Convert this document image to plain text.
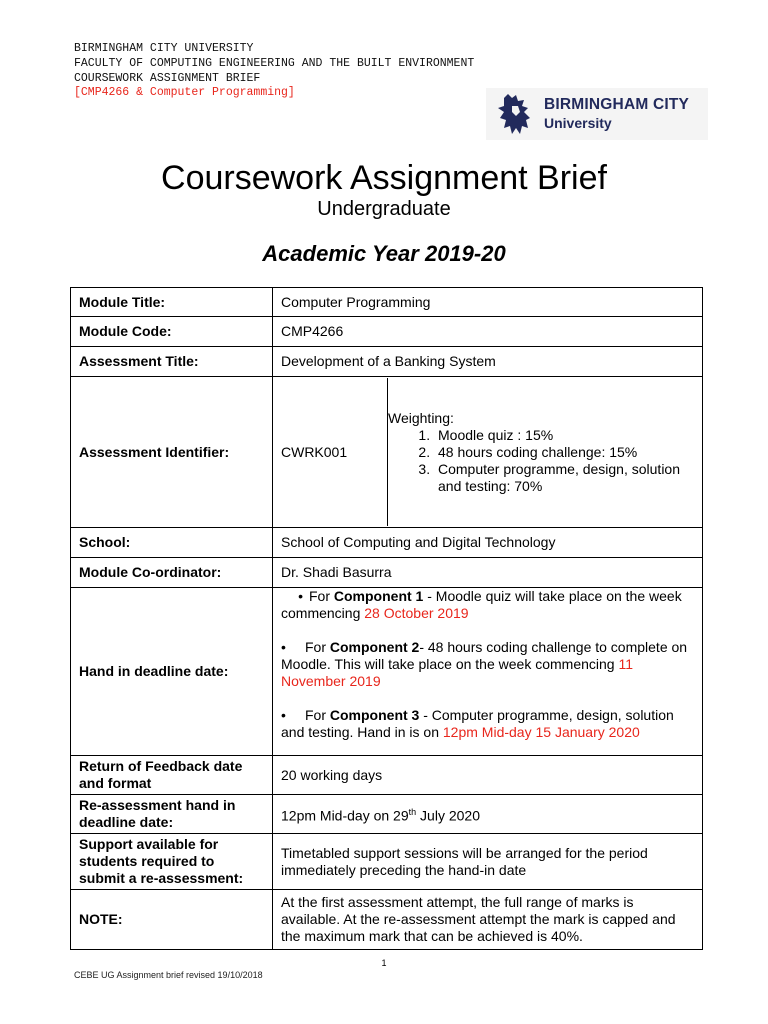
BIRMINGHAM CITY UNIVERSITY
FACULTY OF COMPUTING ENGINEERING AND THE BUILT ENVIRONMENT
COURSEWORK ASSIGNMENT BRIEF
[CMP4266 & Computer Programming]
BIRMINGHAM CITY
University
Coursework Assignment Brief
Undergraduate
Academic Year 2019-20
Module Title:	Computer Programming
Module Code:	CMP4266
Assessment Title:	Development of a Banking System
Assessment Identifier:		CWRK001	
Weighting:
1. Moodle quiz : 15%
2. 48 hours coding challenge: 15%
3. Computer programme, design, solution and testing: 70%

School:	School of Computing and Digital Technology
Module Co-ordinator:	Dr. Shadi Basurra
Hand in deadline date:	

• For Component 1 - Moodle quiz will take place on the week commencing 28 October 2019

• For Component 2- 48 hours coding challenge to complete on Moodle. This will take place on the week commencing 11 November 2019

• For Component 3 - Computer programme, design, solution and testing. Hand in is on 12pm Mid-day 15 January 2020

Return of Feedback date and format	20 working days
Re-assessment hand in deadline date:	12pm Mid-day on 29th July 2020
Support available for students required to submit a re-assessment:	Timetabled support sessions will be arranged for the period immediately preceding the hand-in date
NOTE:	At the first assessment attempt, the full range of marks is available. At the re-assessment attempt the mark is capped and the maximum mark that can be achieved is 40%.
1
CEBE UG Assignment brief revised 19/10/2018
